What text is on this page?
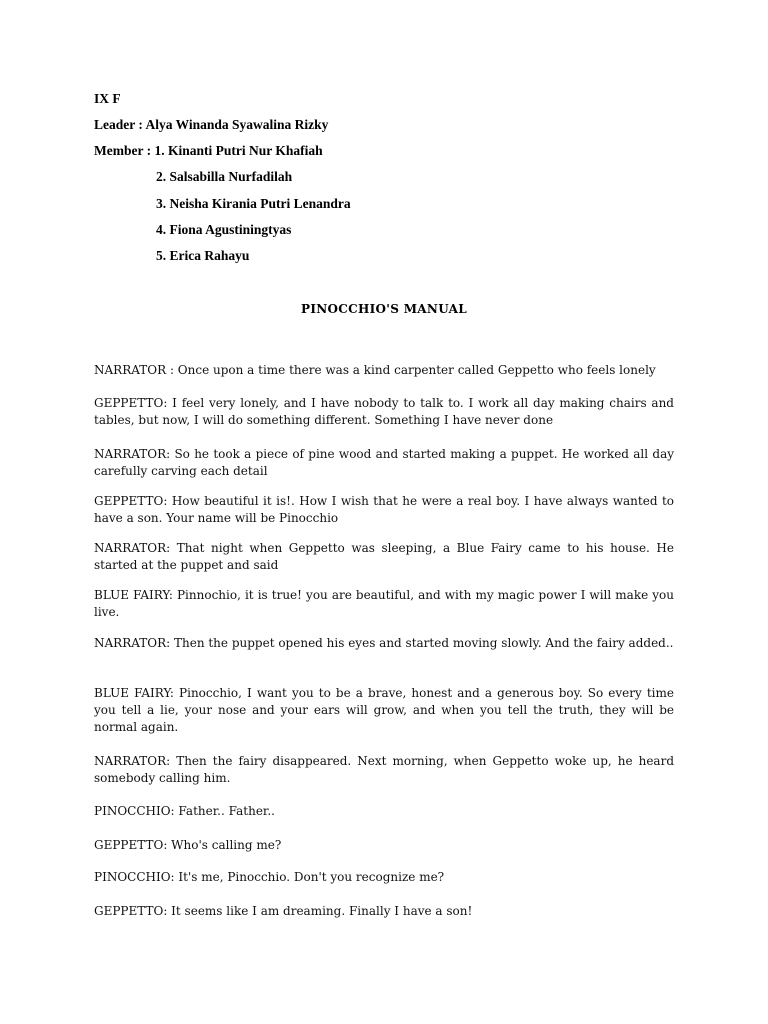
IX F
Leader : Alya Winanda Syawalina Rizky
Member : 1. Kinanti Putri Nur Khafiah
2. Salsabilla Nurfadilah
3. Neisha Kirania Putri Lenandra
4. Fiona Agustiningtyas
5. Erica Rahayu
PINOCCHIO'S MANUAL
NARRATOR : Once upon a time there was a kind carpenter called Geppetto who feels lonely
GEPPETTO: I feel very lonely, and I have nobody to talk to. I work all day making chairs and tables, but now, I will do something different. Something I have never done
NARRATOR: So he took a piece of pine wood and started making a puppet. He worked all day carefully carving each detail
GEPPETTO: How beautiful it is!. How I wish that he were a real boy. I have always wanted to have a son. Your name will be Pinocchio
NARRATOR: That night when Geppetto was sleeping, a Blue Fairy came to his house. He started at the puppet and said
BLUE FAIRY: Pinnochio, it is true! you are beautiful, and with my magic power I will make you live.
NARRATOR: Then the puppet opened his eyes and started moving slowly. And the fairy added..
BLUE FAIRY: Pinocchio, I want you to be a brave, honest and a generous boy. So every time you tell a lie, your nose and your ears will grow, and when you tell the truth, they will be normal again.
NARRATOR: Then the fairy disappeared. Next morning, when Geppetto woke up, he heard somebody calling him.
PINOCCHIO: Father.. Father..
GEPPETTO: Who's calling me?
PINOCCHIO: It's me, Pinocchio. Don't you recognize me?
GEPPETTO: It seems like I am dreaming. Finally I have a son!
